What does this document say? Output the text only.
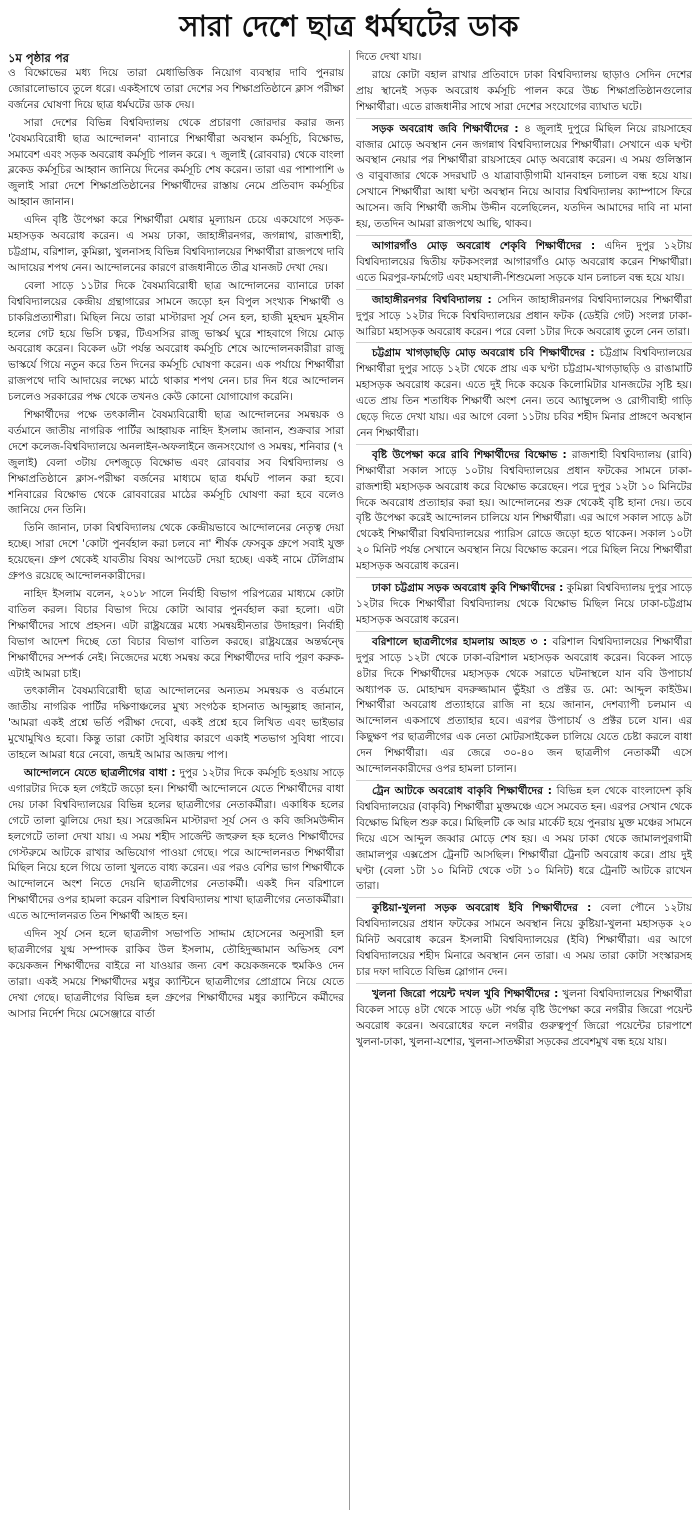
সারা দেশে ছাত্র ধর্মঘটের ডাক

১ম পৃষ্ঠার পর

ও বিক্ষোভের মধ্য দিয়ে তারা মেধাভিত্তিক নিয়োগ ব্যবস্থার দাবি পুনরায় জোরালোভাবে তুলে ধরে। একইসাথে তারা দেশের সব শিক্ষাপ্রতিষ্ঠানে ক্লাস পরীক্ষা বর্জনের ঘোষণা দিয়ে ছাত্র ধর্মঘটের ডাক দেয়।

সারা দেশের বিভিন্ন বিশ্ববিদ্যালয় থেকে প্রচারণা জোরদার করার জন্য 'বৈষম্যবিরোধী ছাত্র আন্দোলন' ব্যানারে শিক্ষার্থীরা অবস্থান কর্মসূচি, বিক্ষোভ, সমাবেশ এবং সড়ক অবরোধ কর্মসূচি পালন করে। ৭ জুলাই (রোববার) থেকে বাংলা ব্লকেড কর্মসূচির আহ্বান জানিয়ে দিনের কর্মসূচি শেষ করেন। তারা এর পাশাপাশি ৬ জুলাই সারা দেশে শিক্ষাপ্রতিষ্ঠানের শিক্ষার্থীদের রাস্তায় নেমে প্রতিবাদ কর্মসূচির আহ্বান জানান।

এদিন বৃষ্টি উপেক্ষা করে শিক্ষার্থীরা মেধার মূল্যায়ন চেয়ে একযোগে সড়ক-মহাসড়ক অবরোধ করেন। এ সময় ঢাকা, জাহাঙ্গীরনগর, জগন্নাথ, রাজশাহী, চট্টগ্রাম, বরিশাল, কুমিল্লা, খুলনাসহ বিভিন্ন বিশ্ববিদ্যালয়ের শিক্ষার্থীরা রাজপথে দাবি আদায়ের শপথ নেন। আন্দোলনের কারণে রাজধানীতে তীব্র যানজট দেখা দেয়।

বেলা সাড়ে ১১টার দিকে বৈষম্যবিরোধী ছাত্র আন্দোলনের ব্যানারে ঢাকা বিশ্ববিদ্যালয়ের কেন্দ্রীয় গ্রন্থাগারের সামনে জড়ো হন বিপুল সংখ্যক শিক্ষার্থী ও চাকরিপ্রত্যাশীরা। মিছিল নিয়ে তারা মাস্টারদা সূর্য সেন হল, হাজী মুহম্মদ মুহসীন হলের গেট হয়ে ভিসি চত্বর, টিএসসির রাজু ভাস্কর্য ঘুরে শাহবাগে গিয়ে মোড় অবরোধ করেন। বিকেল ৬টা পর্যন্ত অবরোধ কর্মসূচি শেষে আন্দোলনকারীরা রাজু ভাস্কর্যে গিয়ে নতুন করে তিন দিনের কর্মসূচি ঘোষণা করেন। এক পর্যায়ে শিক্ষার্থীরা রাজপথে দাবি আদায়ের লক্ষ্যে মাঠে থাকার শপথ নেন। চার দিন ধরে আন্দোলন চললেও সরকারের পক্ষ থেকে তখনও কেউ কোনো যোগাযোগ করেনি।

শিক্ষার্থীদের পক্ষে তৎকালীন বৈষম্যবিরোধী ছাত্র আন্দোলনের সমন্বয়ক ও বর্তমানে জাতীয় নাগরিক পার্টির আহ্বায়ক নাহিদ ইসলাম জানান, শুক্রবার সারা দেশে কলেজ-বিশ্ববিদ্যালয়ে অনলাইন-অফলাইনে জনসংযোগ ও সমন্বয়, শনিবার (৭ জুলাই) বেলা ৩টায় দেশজুড়ে বিক্ষোভ এবং রোববার সব বিশ্ববিদ্যালয় ও শিক্ষাপ্রতিষ্ঠানে ক্লাস-পরীক্ষা বর্জনের মাধ্যমে ছাত্র ধর্মঘট পালন করা হবে। শনিবারের বিক্ষোভ থেকে রোববারের মাঠের কর্মসূচি ঘোষণা করা হবে বলেও জানিয়ে দেন তিনি।

তিনি জানান, ঢাকা বিশ্ববিদ্যালয় থেকে কেন্দ্রীয়ভাবে আন্দোলনের নেতৃত্ব দেয়া হচ্ছে। সারা দেশে 'কোটা পুনর্বহাল করা চলবে না' শীর্ষক ফেসবুক গ্রুপে সবাই যুক্ত হয়েছেন। গ্রুপ থেকেই যাবতীয় বিষয় আপডেট দেয়া হচ্ছে। একই নামে টেলিগ্রাম গ্রুপও রয়েছে আন্দোলনকারীদের।

নাহিদ ইসলাম বলেন, ২০১৮ সালে নির্বাহী বিভাগ পরিপত্রের মাধ্যমে কোটা বাতিল করল। বিচার বিভাগ দিয়ে কোটা আবার পুনর্বহাল করা হলো। এটা শিক্ষার্থীদের সাথে প্রহসন। এটা রাষ্ট্রযন্ত্রের মধ্যে সমন্বয়হীনতার উদাহরণ। নির্বাহী বিভাগ আদেশ দিচ্ছে তো বিচার বিভাগ বাতিল করছে। রাষ্ট্রযন্ত্রের অন্তর্দ্বন্দ্বে শিক্ষার্থীদের সম্পর্ক নেই। নিজেদের মধ্যে সমন্বয় করে শিক্ষার্থীদের দাবি পূরণ করুক- এটাই আমরা চাই।

তৎকালীন বৈষম্যবিরোধী ছাত্র আন্দোলনের অন্যতম সমন্বয়ক ও বর্তমানে জাতীয় নাগরিক পার্টির দক্ষিণাঞ্চলের মুখ্য সংগঠক হাসনাত আব্দুল্লাহ জানান, 'আমরা একই প্রশ্নে ভর্তি পরীক্ষা দেবো, একই প্রশ্নে হবে লিখিত এবং ভাইভার মুখোমুখিও হবো। কিন্তু তারা কোটা সুবিধার কারণে একাই শতভাগ সুবিধা পাবে। তাহলে আমরা ধরে নেবো, জন্মই আমার আজন্ম পাপ।

আন্দোলনে যেতে ছাত্রলীগের বাধা : দুপুর ১২টার দিকে কর্মসূচি হওয়ায় সাড়ে এগারটার দিকে হল গেইটে জড়ো হন। শিক্ষার্থী আন্দোলনে যেতে শিক্ষার্থীদের বাধা দেয় ঢাকা বিশ্ববিদ্যালয়ের বিভিন্ন হলের ছাত্রলীগের নেতাকর্মীরা। একাধিক হলের গেটে তালা ঝুলিয়ে দেয়া হয়। সরেজমিন মাস্টারদা সূর্য সেন ও কবি জসিমউদ্দীন হলগেটে তালা দেখা যায়। এ সময় শহীদ সার্জেন্ট জহুরুল হক হলেও শিক্ষার্থীদের গেস্টরুমে আটকে রাখার অভিযোগ পাওয়া গেছে। পরে আন্দোলনরত শিক্ষার্থীরা মিছিল নিয়ে হলে গিয়ে তালা খুলতে বাধ্য করেন। এর পরও বেশির ভাগ শিক্ষার্থীকে আন্দোলনে অংশ নিতে দেয়নি ছাত্রলীগের নেতাকর্মী। একই দিন বরিশালে শিক্ষার্থীদের ওপর হামলা করেন বরিশাল বিশ্ববিদ্যালয় শাখা ছাত্রলীগের নেতাকর্মীরা। এতে আন্দোলনরত তিন শিক্ষার্থী আহত হন।

এদিন সূর্য সেন হলে ছাত্রলীগ সভাপতি সাদ্দাম হোসেনের অনুসারী হল ছাত্রলীগের যুগ্ম সম্পাদক রাকিব উল ইসলাম, তৌহিদুজ্জামান অভিসহ বেশ কয়েকজন শিক্ষার্থীদের বাইরে না যাওয়ার জন্য বেশ কয়েকজনকে হুমকিও দেন তারা। একই সময়ে শিক্ষার্থীদের মধুর ক্যান্টিনে ছাত্রলীগের প্রোগ্রামে নিয়ে যেতে দেখা গেছে। ছাত্রলীগের বিভিন্ন হল গ্রুপের শিক্ষার্থীদের মধুর ক্যান্টিনে কর্মীদের আসার নির্দেশ দিয়ে মেসেঞ্জারে বার্তা

দিতে দেখা যায়।

রায়ে কোটা বহাল রাখার প্রতিবাদে ঢাকা বিশ্ববিদ্যালয় ছাড়াও সেদিন দেশের প্রায় স্থানেই সড়ক অবরোধ কর্মসূচি পালন করে উচ্চ শিক্ষাপ্রতিষ্ঠানগুলোর শিক্ষার্থীরা। এতে রাজধানীর সাথে সারা দেশের সংযোগের ব্যাঘাত ঘটে।

সড়ক অবরোধ জবি শিক্ষার্থীদের : ৪ জুলাই দুপুরে মিছিল নিয়ে রায়সাহেব বাজার মোড়ে অবস্থান নেন জগন্নাথ বিশ্ববিদ্যালয়ের শিক্ষার্থীরা। সেখানে এক ঘণ্টা অবস্থান নেয়ার পর শিক্ষার্থীরা রায়সাহেব মোড় অবরোধ করেন। এ সময় গুলিস্তান ও বাবুবাজার থেকে সদরঘাট ও যাত্রাবাড়ীগামী যানবাহন চলাচল বন্ধ হয়ে যায়। সেখানে শিক্ষার্থীরা আধা ঘণ্টা অবস্থান নিয়ে আবার বিশ্ববিদ্যালয় ক্যাম্পাসে ফিরে আসেন। জবি শিক্ষার্থী জসীম উদ্দীন বলেছিলেন, যতদিন আমাদের দাবি না মানা হয়, ততদিন আমরা রাজপথে আছি, থাকব।

আগারগাঁও মোড় অবরোধ শেকৃবি শিক্ষার্থীদের : এদিন দুপুর ১২টায় বিশ্ববিদ্যালয়ের দ্বিতীয় ফটকসংলগ্ন আগারগাঁও মোড় অবরোধ করেন শিক্ষার্থীরা। এতে মিরপুর-ফার্মগেট এবং মহাখালী-শিশুমেলা সড়কে যান চলাচল বন্ধ হয়ে যায়।

জাহাঙ্গীরনগর বিশ্ববিদ্যালয় : সেদিন জাহাঙ্গীরনগর বিশ্ববিদ্যালয়ের শিক্ষার্থীরা দুপুর সাড়ে ১২টার দিকে বিশ্ববিদ্যালয়ের প্রধান ফটক (ডেইরি গেট) সংলগ্ন ঢাকা-আরিচা মহাসড়ক অবরোধ করেন। পরে বেলা ১টার দিকে অবরোধ তুলে নেন তারা।

চট্টগ্রাম খাগড়াছড়ি মোড় অবরোধ চবি শিক্ষার্থীদের : চট্টগ্রাম বিশ্ববিদ্যালয়ের শিক্ষার্থীরা দুপুর সাড়ে ১২টা থেকে প্রায় এক ঘণ্টা চট্টগ্রাম-খাগড়াছড়ি ও রাঙামাটি মহাসড়ক অবরোধ করেন। এতে দুই দিকে কয়েক কিলোমিটার যানজটের সৃষ্টি হয়। এতে প্রায় তিন শতাধিক শিক্ষার্থী অংশ নেন। তবে অ্যাম্বুলেন্স ও রোগীবাহী গাড়ি ছেড়ে দিতে দেখা যায়। এর আগে বেলা ১১টায় চবির শহীদ মিনার প্রাঙ্গণে অবস্থান নেন শিক্ষার্থীরা।

বৃষ্টি উপেক্ষা করে রাবি শিক্ষার্থীদের বিক্ষোভ : রাজশাহী বিশ্ববিদ্যালয় (রাবি) শিক্ষার্থীরা সকাল সাড়ে ১০টায় বিশ্ববিদ্যালয়ের প্রধান ফটকের সামনে ঢাকা-রাজশাহী মহাসড়ক অবরোধ করে বিক্ষোভ করেছেন। পরে দুপুর ১২টা ১০ মিনিটের দিকে অবরোধ প্রত্যাহার করা হয়। আন্দোলনের শুরু থেকেই বৃষ্টি হানা দেয়। তবে বৃষ্টি উপেক্ষা করেই আন্দোলন চালিয়ে যান শিক্ষার্থীরা। এর আগে সকাল সাড়ে ৯টা থেকেই শিক্ষার্থীরা বিশ্ববিদ্যালয়ের প্যারিস রোডে জড়ো হতে থাকেন। সকাল ১০টা ২০ মিনিট পর্যন্ত সেখানে অবস্থান নিয়ে বিক্ষোভ করেন। পরে মিছিল নিয়ে শিক্ষার্থীরা মহাসড়ক অবরোধ করেন।

ঢাকা চট্টগ্রাম সড়ক অবরোধ কুবি শিক্ষার্থীদের : কুমিল্লা বিশ্ববিদ্যালয় দুপুর সাড়ে ১২টার দিকে শিক্ষার্থীরা বিশ্ববিদ্যালয় থেকে বিক্ষোভ মিছিল নিয়ে ঢাকা-চট্টগ্রাম মহাসড়ক অবরোধ করেন।

বরিশালে ছাত্রলীগের হামলায় আহত ৩ : বরিশাল বিশ্ববিদ্যালয়ের শিক্ষার্থীরা দুপুর সাড়ে ১২টা থেকে ঢাকা-বরিশাল মহাসড়ক অবরোধ করেন। বিকেল সাড়ে ৪টার দিকে শিক্ষার্থীদের মহাসড়ক থেকে সরাতে ঘটনাস্থলে যান ববি উপাচার্য অধ্যাপক ড. মোহাম্মদ বদরুজ্জামান ভুঁইয়া ও প্রক্টর ড. মো: আব্দুল কাইউম। শিক্ষার্থীরা অবরোধ প্রত্যাহারে রাজি না হয়ে জানান, দেশব্যাপী চলমান এ আন্দোলন একসাথে প্রত্যাহার হবে। এরপর উপাচার্য ও প্রক্টর চলে যান। এর কিছুক্ষণ পর ছাত্রলীগের এক নেতা মোটরসাইকেল চালিয়ে যেতে চেষ্টা করলে বাধা দেন শিক্ষার্থীরা। এর জেরে ৩০-৪০ জন ছাত্রলীগ নেতাকর্মী এসে আন্দোলনকারীদের ওপর হামলা চালান।

ট্রেন আটকে অবরোধ বাকৃবি শিক্ষার্থীদের : বিভিন্ন হল থেকে বাংলাদেশ কৃষি বিশ্ববিদ্যালয়ের (বাকৃবি) শিক্ষার্থীরা মুক্তমঞ্চে এসে সমবেত হন। এরপর সেখান থেকে বিক্ষোভ মিছিল শুরু করে। মিছিলটি কে আর মার্কেট হয়ে পুনরায় মুক্ত মঞ্চের সামনে দিয়ে এসে আব্দুল জব্বার মোড়ে শেষ হয়। এ সময় ঢাকা থেকে জামালপুরগামী জামালপুর এক্সপ্রেস ট্রেনটি আসছিল। শিক্ষার্থীরা ট্রেনটি অবরোধ করে। প্রায় দুই ঘণ্টা (বেলা ১টা ১০ মিনিট থেকে ৩টা ১০ মিনিট) ধরে ট্রেনটি আটকে রাখেন তারা।

কুষ্টিয়া-খুলনা সড়ক অবরোধ ইবি শিক্ষার্থীদের : বেলা পৌনে ১২টায় বিশ্ববিদ্যালয়ের প্রধান ফটকের সামনে অবস্থান নিয়ে কুষ্টিয়া-খুলনা মহাসড়ক ২০ মিনিট অবরোধ করেন ইসলামী বিশ্ববিদ্যালয়ের (ইবি) শিক্ষার্থীরা। এর আগে বিশ্ববিদ্যালয়ের শহীদ মিনারে অবস্থান নেন তারা। এ সময় তারা কোটা সংস্কারসহ চার দফা দাবিতে বিভিন্ন স্লোগান দেন।

খুলনা জিরো পয়েন্ট দখল খুবি শিক্ষার্থীদের : খুলনা বিশ্ববিদ্যালয়ের শিক্ষার্থীরা বিকেল সাড়ে ৪টা থেকে সাড়ে ৬টা পর্যন্ত বৃষ্টি উপেক্ষা করে নগরীর জিরো পয়েন্ট অবরোধ করেন। অবরোধের ফলে নগরীর গুরুত্বপূর্ণ জিরো পয়েন্টের চারপাশে খুলনা-ঢাকা, খুলনা-যশোর, খুলনা-সাতক্ষীরা সড়কের প্রবেশমুখ বন্ধ হয়ে যায়।
